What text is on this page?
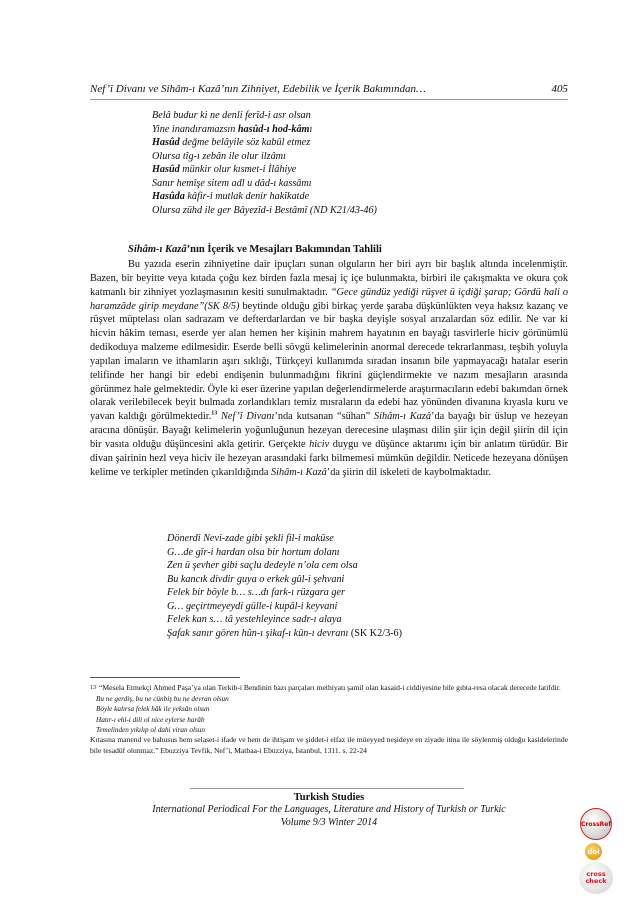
Nef’î Divanı ve Sihâm-ı Kazâ’nın Zihniyet, Edebilik ve İçerik Bakımından…	405
Belâ budur ki ne denli ferîd-i asr olsan
Yine inandıramazsın hasûd-ı hod-kâmı
Hasûd değme belâyile söz kabûl etmez
Olursa tîg-ı zebân ile olur ilzâmı
Hasûd münkir olur kısmet-i İlâhiye
Sanır hemîşe sitem adl u dâd-ı kassâmı
Hasûda kâfir-i mutlak denir hakîkatde
Olursa zühd ile ger Bâyezîd-i Bestâmî (ND K21/43-46)
Sihâm-ı Kazâ’nın İçerik ve Mesajları Bakımından Tahlili

Bu yazıda eserin zihniyetine dair ipuçları sunan olguların her biri ayrı bir başlık altında incelenmiştir. Bazen, bir beyitte veya kıtada çoğu kez birden fazla mesaj iç içe bulunmakta, birbiri ile çakışmakta ve okura çok katmanlı bir zihniyet yozlaşmasının kesiti sunulmaktadır. “Gece gündüz yediği rüşvet ü içdiği şarap; Gördü hali o haramzâde girip meydane”(SK 8/5) beytinde olduğu gibi birkaç yerde şaraba düşkünlükten veya haksız kazanç ve rüşvet müptelası olan sadrazam ve defterdarlardan ve bir başka deyişle sosyal arızalardan söz edilir. Ne var ki hicvin hâkim teması, eserde yer alan hemen her kişinin mahrem hayatının en bayağı tasvirlerle hiciv görünümlü dedikoduya malzeme edilmesidir. Eserde belli sövgü kelimelerinin anormal derecede tekrarlanması, teşbih yoluyla yapılan imaların ve ithamların aşırı sıklığı, Türkçeyi kullanımda sıradan insanın bile yapmayacağı hatalar eserin telifinde her hangi bir edebi endişenin bulunmadığını fikrini güçlendirmekte ve nazım mesajların arasında görünmez hale gelmektedir. Öyle ki eser üzerine yapılan değerlendirmelerde araştırmacıların edebi bakımdan örnek olarak verilebilecek beyit bulmada zorlandıkları temiz mısraların da edebi haz yönünden divanına kıyasla kuru ve yavan kaldığı görülmektedir.$^{13}$ Nef’î Divanı’nda kutsanan “sühan” Sihâm-ı Kazâ’da bayağı bir üslup ve hezeyan aracına dönüşür. Bayağı kelimelerin yoğunluğunun hezeyan derecesine ulaşması dilin şiir için değil şiirin dil için bir vasıta olduğu düşüncesini akla getirir. Gerçekte hiciv duygu ve düşünce aktarımı için bir anlatım türüdür. Bir divan şairinin hezl veya hiciv ile hezeyan arasındaki farkı bilmemesi mümkün değildir. Neticede hezeyana dönüşen kelime ve terkipler metinden çıkarıldığında Sihâm-ı Kazâ’da şiirin dil iskeleti de kaybolmaktadır.

Dönerdi Nevi-zade gibi şekli fil-i makûse
G…de gîr-i hardan olsa bir hortum dolanı
Zen ü şevher gibi saçlu dedeyle n’ola cem olsa
Bu kancık divdir guya o erkek gûl-i şehvani
Felek bir böyle b… s…dı fark-ı rüzgara ger
G… geçirtmeyeydi gülle-i kupâl-i keyvani
Felek kan s… tâ yestehleyince sadr-ı alaya
Şafak sanır gören hûn-ı şikaf-ı kûn-ı devranı (SK K2/3-6)

$^{13}$ “Mesela Etmekçi Ahmed Paşa’ya olan Terkib-i Bendinin bazı parçaları methiyatı şamil olan kasaid-i ciddiyesine bile gıbta-resa olacak derecede latifdir.

Bu ne gerdiş, bu ne cünbiş bu ne devran olsun
Böyle kalırsa felek hâk ile yeksân olsun
Hatır-ı ehl-i dili ol nice eylerse harâb
Temelinden yıkılıp ol dahi viran olsun

Kıtasına manend ve bahusus hem selaset-i ifade ve hem de ihtişam ve şiddet-i elfaz ile müeyyed neşideye en ziyade itina ile söylenmiş olduğu kasidelerinde bile tesadüf olunmaz.” Ebuzziya Tevfik, Nef’i, Matbaa-i Ebuzziya, İstanbul, 1311. s. 22-24

Turkish Studies
International Periodical For the Languages, Literature and History of Turkish or Turkic
Volume 9/3 Winter 2014	CrossRef
doi
cross check
